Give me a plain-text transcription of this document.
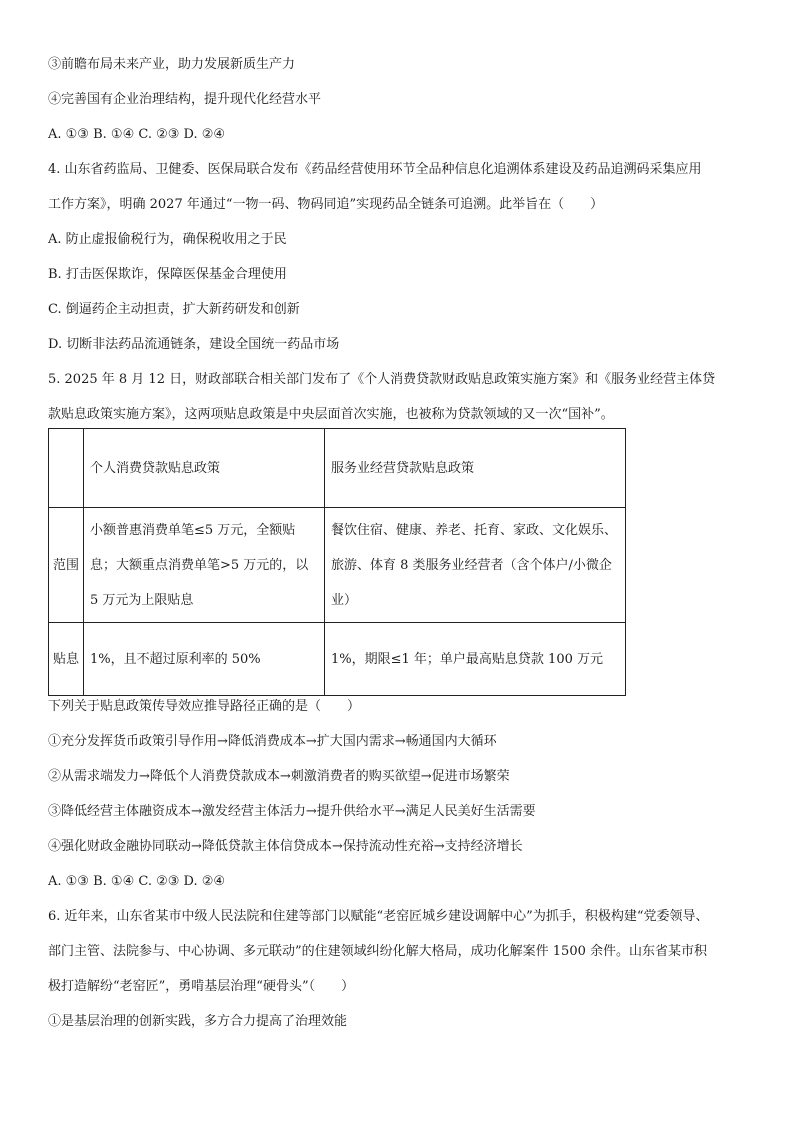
③前瞻布局未来产业，助力发展新质生产力

④完善国有企业治理结构，提升现代化经营水平

A. ①③ B. ①④ C. ②③ D. ②④

4. 山东省药监局、卫健委、医保局联合发布《药品经营使用环节全品种信息化追溯体系建设及药品追溯码采集应用

工作方案》，明确 2027 年通过“一物一码、物码同追”实现药品全链条可追溯。此举旨在（　　）

A. 防止虚报偷税行为，确保税收用之于民

B. 打击医保欺诈，保障医保基金合理使用

C. 倒逼药企主动担责，扩大新药研发和创新

D. 切断非法药品流通链条，建设全国统一药品市场

5. 2025 年 8 月 12 日，财政部联合相关部门发布了《个人消费贷款财政贴息政策实施方案》和《服务业经营主体贷

款贴息政策实施方案》，这两项贴息政策是中央层面首次实施，也被称为贷款领域的又一次“国补”。

	个人消费贷款贴息政策	服务业经营贷款贴息政策
范围	小额普惠消费单笔≤5 万元，全额贴息；大额重点消费单笔>5 万元的，以 5 万元为上限贴息	餐饮住宿、健康、养老、托育、家政、文化娱乐、旅游、体育 8 类服务业经营者（含个体户/小微企业）

贴息	1%，且不超过原利率的 50%	1%，期限≤1 年；单户最高贴息贷款 100 万元

下列关于贴息政策传导效应推导路径正确的是（　　）

①充分发挥货币政策引导作用→降低消费成本→扩大国内需求→畅通国内大循环

②从需求端发力→降低个人消费贷款成本→刺激消费者的购买欲望→促进市场繁荣

③降低经营主体融资成本→激发经营主体活力→提升供给水平→满足人民美好生活需要

④强化财政金融协同联动→降低贷款主体信贷成本→保持流动性充裕→支持经济增长

A. ①③ B. ①④ C. ②③ D. ②④

6. 近年来，山东省某市中级人民法院和住建等部门以赋能“老窑匠城乡建设调解中心”为抓手，积极构建“党委领导、

部门主管、法院参与、中心协调、多元联动”的住建领域纠纷化解大格局，成功化解案件 1500 余件。山东省某市积

极打造解纷“老窑匠”，勇啃基层治理“硬骨头”（　　）

①是基层治理的创新实践，多方合力提高了治理效能
